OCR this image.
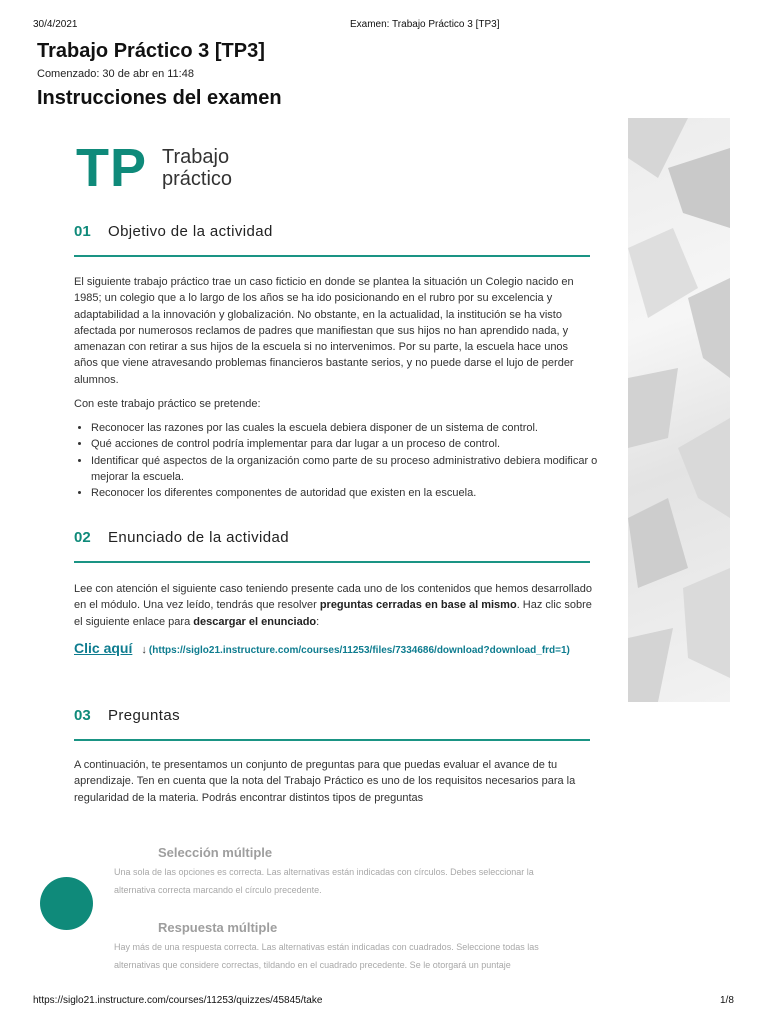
30/4/2021	Examen: Trabajo Práctico 3 [TP3]
Trabajo Práctico 3 [TP3]
Comenzado: 30 de abr en 11:48
Instrucciones del examen
TP Trabajo
práctico
01 Objetivo de la actividad
El siguiente trabajo práctico trae un caso ficticio en donde se plantea la situación un Colegio nacido en 1985; un colegio que a lo largo de los años se ha ido posicionando en el rubro por su excelencia y adaptabilidad a la innovación y globalización. No obstante, en la actualidad, la institución se ha visto afectada por numerosos reclamos de padres que manifiestan que sus hijos no han aprendido nada, y amenazan con retirar a sus hijos de la escuela si no intervenimos. Por su parte, la escuela hace unos años que viene atravesando problemas financieros bastante serios, y no puede darse el lujo de perder alumnos.
Con este trabajo práctico se pretende:
• Reconocer las razones por las cuales la escuela debiera disponer de un sistema de control.
• Qué acciones de control podría implementar para dar lugar a un proceso de control.
• Identificar qué aspectos de la organización como parte de su proceso administrativo debiera modificar o mejorar la escuela.
• Reconocer los diferentes componentes de autoridad que existen en la escuela.
02 Enunciado de la actividad
Lee con atención el siguiente caso teniendo presente cada uno de los contenidos que hemos desarrollado en el módulo. Una vez leído, tendrás que resolver preguntas cerradas en base al mismo. Haz clic sobre el siguiente enlace para descargar el enunciado:
Clic aquí ↓ (https://siglo21.instructure.com/courses/11253/files/7334686/download?download_frd=1)
03 Preguntas
A continuación, te presentamos un conjunto de preguntas para que puedas evaluar el avance de tu aprendizaje. Ten en cuenta que la nota del Trabajo Práctico es uno de los requisitos necesarios para la regularidad de la materia. Podrás encontrar distintos tipos de preguntas
Selección múltiple
Una sola de las opciones es correcta. Las alternativas están indicadas con círculos. Debes seleccionar la alternativa correcta marcando el círculo precedente.
Respuesta múltiple
Hay más de una respuesta correcta. Las alternativas están indicadas con cuadrados. Seleccione todas las alternativas que considere correctas, tildando en el cuadrado precedente. Se le otorgará un puntaje
https://siglo21.instructure.com/courses/11253/quizzes/45845/take	1/8
